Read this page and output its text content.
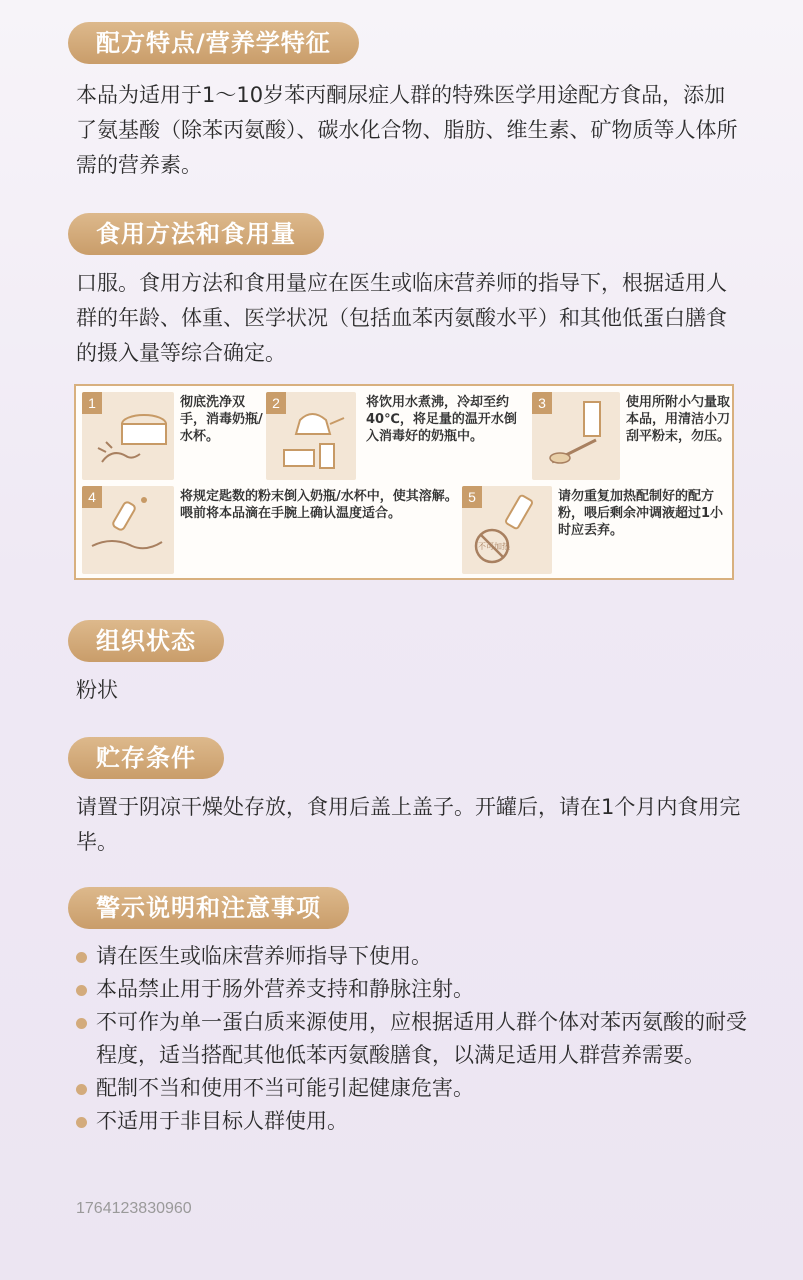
配方特点/营养学特征

本品为适用于1～10岁苯丙酮尿症人群的特殊医学用途配方食品，添加了氨基酸（除苯丙氨酸）、碳水化合物、脂肪、维生素、矿物质等人体所需的营养素。

食用方法和食用量

口服。食用方法和食用量应在医生或临床营养师的指导下，根据适用人群的年龄、体重、医学状况（包括血苯丙氨酸水平）和其他低蛋白膳食的摄入量等综合确定。

1	彻底洗净双手，消毒奶瓶/水杯。

2	将饮用水煮沸，冷却至约40℃，将足量的温开水倒入消毒好的奶瓶中。

3	使用所附小勺量取本品，用清洁小刀刮平粉末，勿压。

4	将规定匙数的粉末倒入奶瓶/水杯中，使其溶解。喂前将本品滴在手腕上确认温度适合。

5
不可加热

请勿重复加热配制好的配方粉，喂后剩余冲调液超过1小时应丢弃。

组织状态

粉状

贮存条件

请置于阴凉干燥处存放，食用后盖上盖子。开罐后，请在1个月内食用完毕。

警示说明和注意事项
请在医生或临床营养师指导下使用。
本品禁止用于肠外营养支持和静脉注射。
不可作为单一蛋白质来源使用，应根据适用人群个体对苯丙氨酸的耐受程度，适当搭配其他低苯丙氨酸膳食，以满足适用人群营养需要。
配制不当和使用不当可能引起健康危害。
不适用于非目标人群使用。
1764123830960
